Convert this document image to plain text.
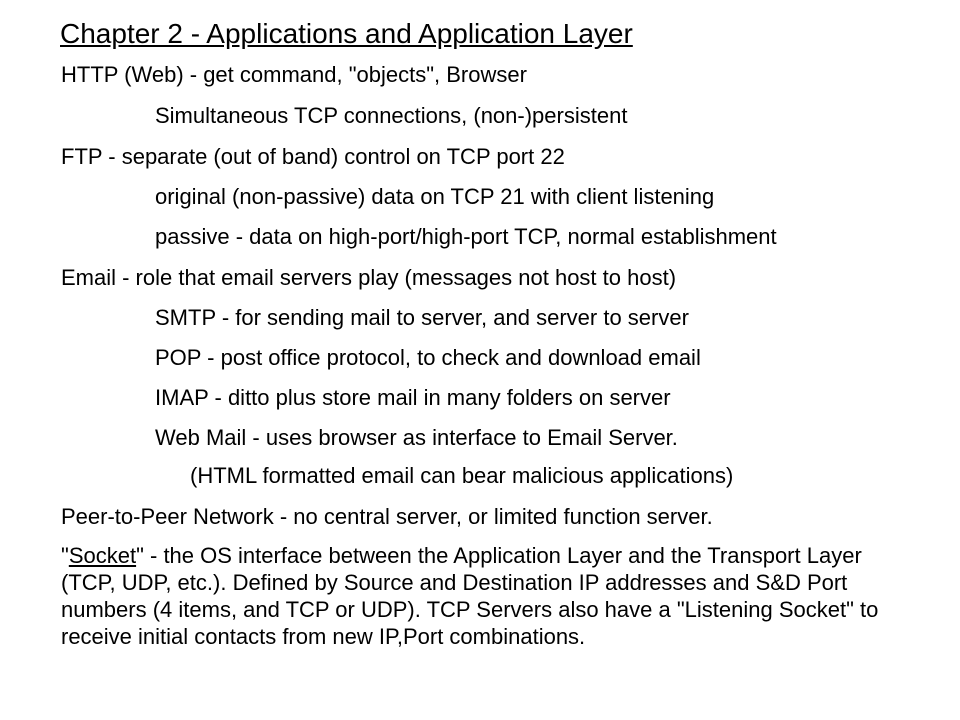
Chapter 2 - Applications and Application Layer
HTTP (Web) - get command, "objects", Browser
Simultaneous TCP connections, (non-)persistent
FTP - separate (out of band) control on TCP port 22
original (non-passive) data on TCP 21 with client listening
passive - data on high-port/high-port TCP, normal establishment
Email - role that email servers play (messages not host to host)
SMTP - for sending mail to server, and server to server
POP - post office protocol, to check and download email
IMAP - ditto plus store mail in many folders on server
Web Mail - uses browser as interface to Email Server.
(HTML formatted email can bear malicious applications)
Peer-to-Peer Network - no central server, or limited function server.
"Socket" - the OS interface between the Application Layer and the Transport Layer (TCP, UDP, etc.). Defined by Source and Destination IP addresses and S&D Port numbers (4 items, and TCP or UDP). TCP Servers also have a "Listening Socket" to receive initial contacts from new IP,Port combinations.
